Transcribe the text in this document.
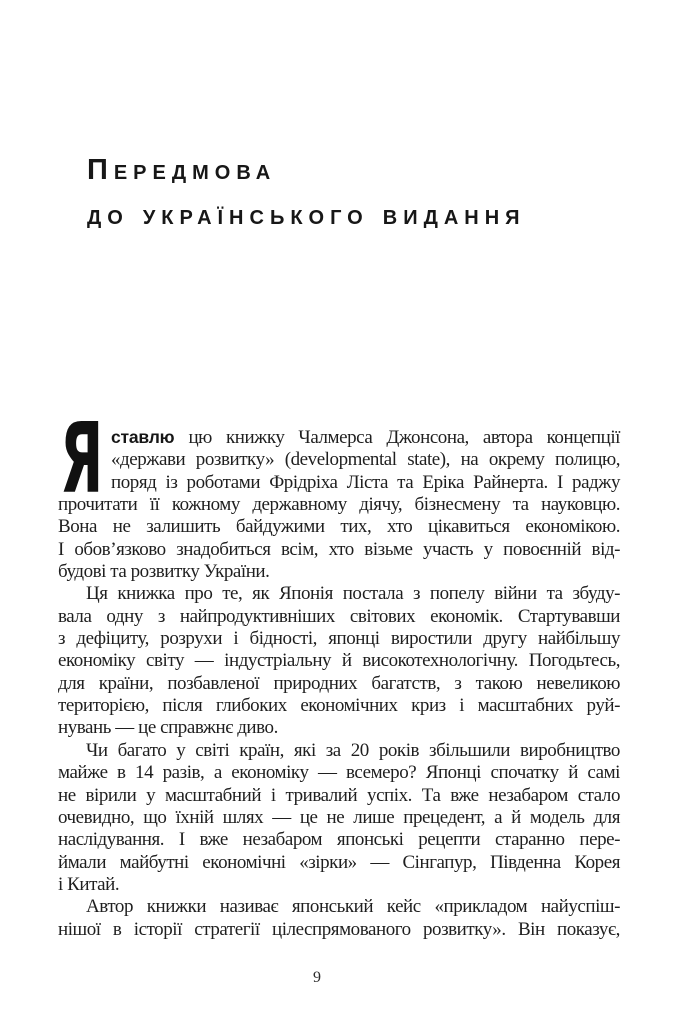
Передмова
до українського видання
Я ставлю цю книжку Чалмерса Джонсона, автора концепції
«держави розвитку» (developmental state), на окрему полицю,
поряд із роботами Фрідріха Ліста та Еріка Райнерта. І раджу
прочитати її кожному державному діячу, бізнесмену та науковцю.
Вона не залишить байдужими тих, хто цікавиться економікою.
І обов’язково знадобиться всім, хто візьме участь у повоєнній від-
будові та розвитку України.
Ця книжка про те, як Японія постала з попелу війни та збуду-
вала одну з найпродуктивніших світових економік. Стартувавши
з дефіциту, розрухи і бідності, японці виростили другу найбільшу
економіку світу — індустріальну й високотехнологічну. Погодьтесь,
для країни, позбавленої природних багатств, з такою невеликою
територією, після глибоких економічних криз і масштабних руй-
нувань — це справжнє диво.
Чи багато у світі країн, які за 20 років збільшили виробництво
майже в 14 разів, а економіку — всемеро? Японці спочатку й самі
не вірили у масштабний і тривалий успіх. Та вже незабаром стало
очевидно, що їхній шлях — це не лише прецедент, а й модель для
наслідування. І вже незабаром японські рецепти старанно пере-
ймали майбутні економічні «зірки» — Сінгапур, Південна Корея
і Китай.
Автор книжки називає японський кейс «прикладом найуспіш-
нішої в історії стратегії цілеспрямованого розвитку». Він показує,
9
